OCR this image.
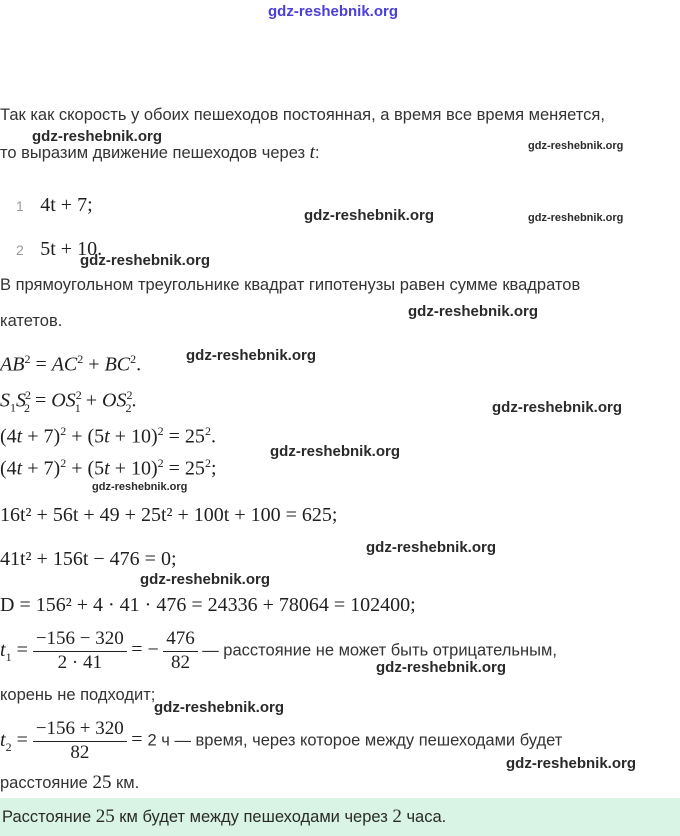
gdz-reshebnik.org
Так как скорость у обоих пешеходов постоянная, а время все время меняется,
то выразим движение пешеходов через t:
1 4t + 7;
2 5t + 10.
В прямоугольном треугольнике квадрат гипотенузы равен сумме квадратов
катетов.
$AB^2 = AC^2 + BC^2$.
$S_1S^2_2 = OS^2_1 + OS^2_2$.
$(4t + 7)^2 + (5t + 10)^2 = 25^2$.
$(4t + 7)^2 + (5t + 10)^2 = 25^2$;
16t² + 56t + 49 + 25t² + 100t + 100 = 625;
41t² + 156t − 476 = 0;
D = 156² + 4 · 41 · 476 = 24336 + 78064 = 102400;
$t_1 = \frac{-156 - 320}{2 \cdot 41}$ = − $\frac{476}{82}$ — расстояние не может быть отрицательным,
корень не подходит;
$t_2 = \frac{-156 + 320}{82} = 2$ ч — время, через которое между пешеходами будет
расстояние 25 км.
Расстояние 25 км будет между пешеходами через 2 часа.
gdz-reshebnik.org
gdz-reshebnik.org
gdz-reshebnik.org	gdz-reshebnik.org
gdz-reshebnik.org
gdz-reshebnik.org
gdz-reshebnik.org
gdz-reshebnik.org
gdz-reshebnik.org
gdz-reshebnik.org
gdz-reshebnik.org
gdz-reshebnik.org
gdz-reshebnik.org
gdz-reshebnik.org
gdz-reshebnik.org
